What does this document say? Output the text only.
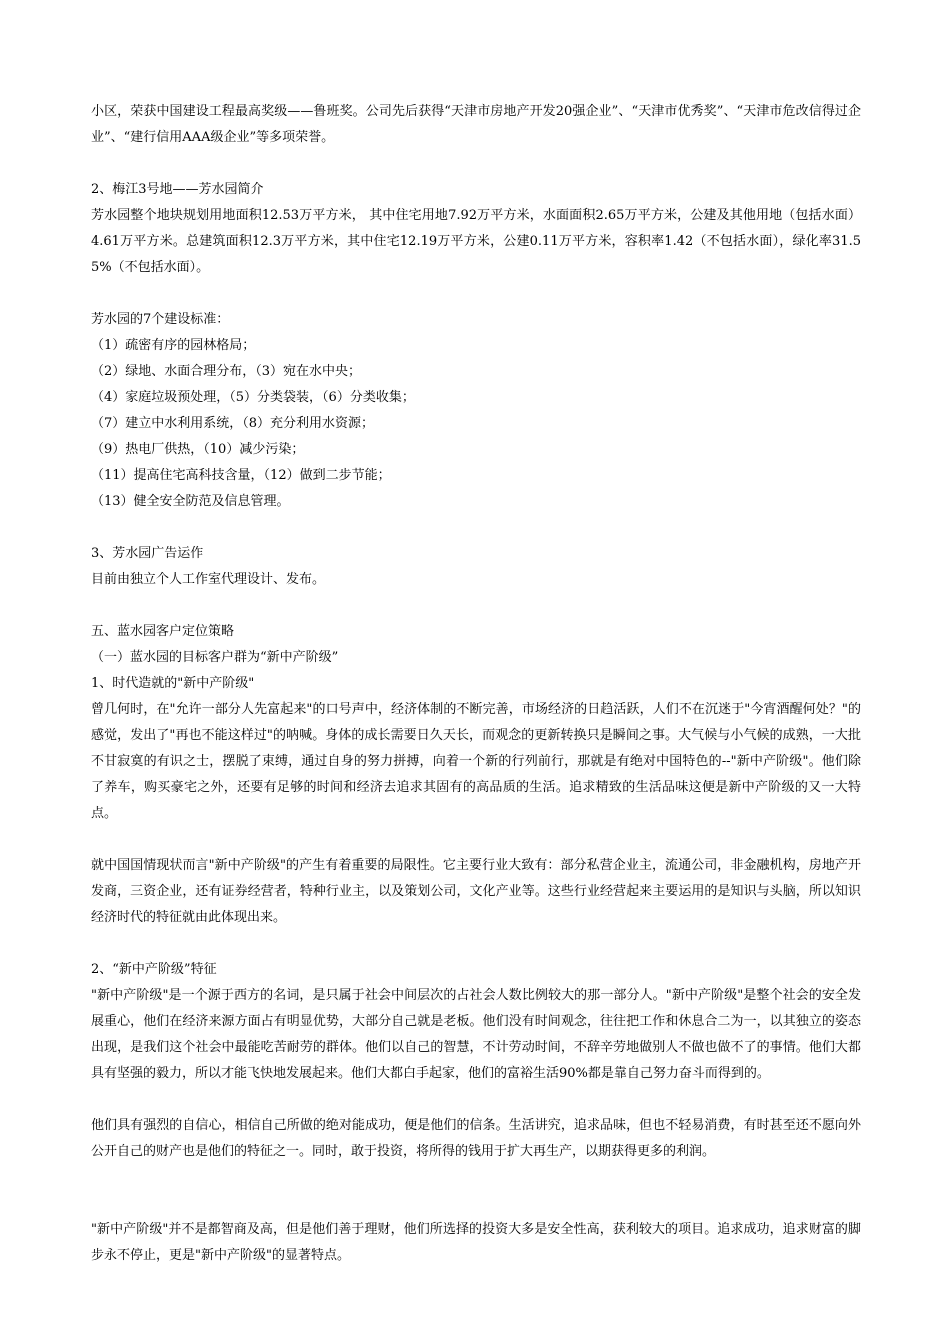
小区，荣获中国建设工程最高奖级——鲁班奖。公司先后获得“天津市房地产开发20强企业”、“天津市优秀奖”、“天津市危改信得过企业”、“建行信用AAA级企业”等多项荣誉。

2、梅江3号地——芳水园简介

芳水园整个地块规划用地面积12.53万平方米， 其中住宅用地7.92万平方米，水面面积2.65万平方米，公建及其他用地（包括水面）4.61万平方米。总建筑面积12.3万平方米，其中住宅12.19万平方米，公建0.11万平方米，容积率1.42（不包括水面），绿化率31.55%（不包括水面）。

芳水园的7个建设标准：

（1）疏密有序的园林格局；

（2）绿地、水面合理分布，（3）宛在水中央；

（4）家庭垃圾预处理，（5）分类袋装，（6）分类收集；

（7）建立中水利用系统，（8）充分利用水资源；

（9）热电厂供热，（10）减少污染；

（11）提高住宅高科技含量，（12）做到二步节能；

（13）健全安全防范及信息管理。

3、芳水园广告运作

目前由独立个人工作室代理设计、发布。

五、蓝水园客户定位策略

（一）蓝水园的目标客户群为“新中产阶级”

1、时代造就的"新中产阶级"

曾几何时，在"允许一部分人先富起来"的口号声中，经济体制的不断完善，市场经济的日趋活跃，人们不在沉迷于"今宵酒醒何处？"的感觉，发出了"再也不能这样过"的呐喊。身体的成长需要日久天长，而观念的更新转换只是瞬间之事。大气候与小气候的成熟，一大批不甘寂寞的有识之士，摆脱了束缚，通过自身的努力拼搏，向着一个新的行列前行，那就是有绝对中国特色的--"新中产阶级"。他们除了养车，购买豪宅之外，还要有足够的时间和经济去追求其固有的高品质的生活。追求精致的生活品味这便是新中产阶级的又一大特点。

就中国国情现状而言"新中产阶级"的产生有着重要的局限性。它主要行业大致有：部分私营企业主，流通公司，非金融机构，房地产开发商，三资企业，还有证券经营者，特种行业主，以及策划公司，文化产业等。这些行业经营起来主要运用的是知识与头脑，所以知识经济时代的特征就由此体现出来。

2、“新中产阶级”特征

"新中产阶级"是一个源于西方的名词，是只属于社会中间层次的占社会人数比例较大的那一部分人。"新中产阶级"是整个社会的安全发展重心，他们在经济来源方面占有明显优势，大部分自己就是老板。他们没有时间观念，往往把工作和休息合二为一，以其独立的姿态出现，是我们这个社会中最能吃苦耐劳的群体。他们以自己的智慧，不计劳动时间，不辞辛劳地做别人不做也做不了的事情。他们大都具有坚强的毅力，所以才能飞快地发展起来。他们大都白手起家，他们的富裕生活90%都是靠自己努力奋斗而得到的。

他们具有强烈的自信心，相信自己所做的绝对能成功，便是他们的信条。生活讲究，追求品味，但也不轻易消费，有时甚至还不愿向外公开自己的财产也是他们的特征之一。同时，敢于投资，将所得的钱用于扩大再生产，以期获得更多的利润。

"新中产阶级"并不是都智商及高，但是他们善于理财，他们所选择的投资大多是安全性高，获利较大的项目。追求成功，追求财富的脚步永不停止，更是"新中产阶级"的显著特点。
